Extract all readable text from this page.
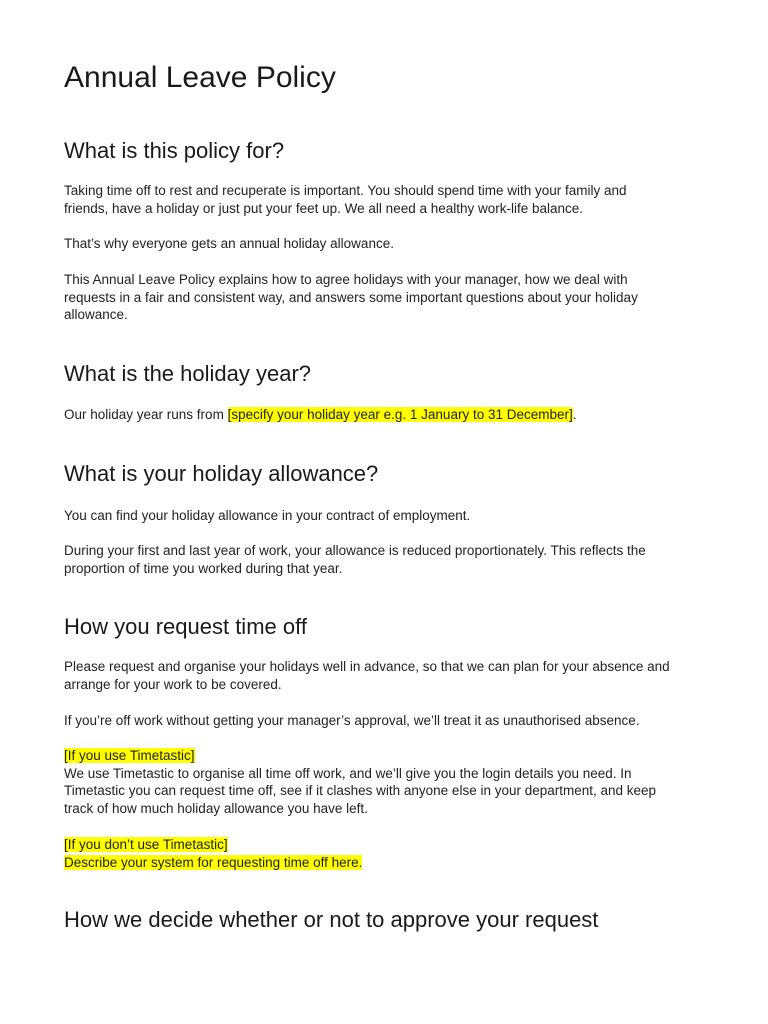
Annual Leave Policy
What is this policy for?
Taking time off to rest and recuperate is important. You should spend time with your family and
friends, have a holiday or just put your feet up. We all need a healthy work-life balance.
That’s why everyone gets an annual holiday allowance.
This Annual Leave Policy explains how to agree holidays with your manager, how we deal with
requests in a fair and consistent way, and answers some important questions about your holiday
allowance.
What is the holiday year?
Our holiday year runs from [specify your holiday year e.g. 1 January to 31 December].
What is your holiday allowance?
You can find your holiday allowance in your contract of employment.
During your first and last year of work, your allowance is reduced proportionately. This reflects the
proportion of time you worked during that year.
How you request time off
Please request and organise your holidays well in advance, so that we can plan for your absence and
arrange for your work to be covered.
If you’re off work without getting your manager’s approval, we’ll treat it as unauthorised absence.
[If you use Timetastic]
We use Timetastic to organise all time off work, and we’ll give you the login details you need. In
Timetastic you can request time off, see if it clashes with anyone else in your department, and keep
track of how much holiday allowance you have left.
[If you don’t use Timetastic]
Describe your system for requesting time off here.
How we decide whether or not to approve your request
